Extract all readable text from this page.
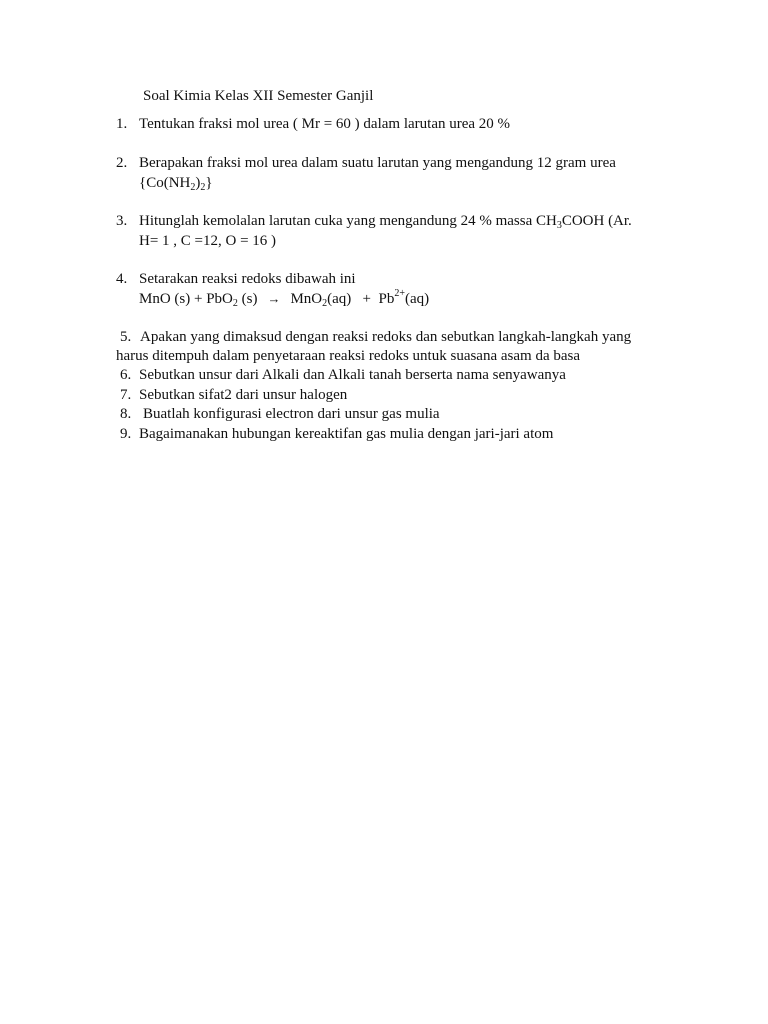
Soal Kimia Kelas XII Semester Ganjil
1. Tentukan fraksi mol urea ( Mr = 60 ) dalam larutan urea 20 %
2. Berapakan fraksi mol urea dalam suatu larutan yang mengandung 12 gram urea
$\{Co(NH_2)_2\}$
3. Hitunglah kemolalan larutan cuka yang mengandung 24 % massa $CH_3COOH$ (Ar.
H= 1 , C =12, O = 16 )
4. Setarakan reaksi redoks dibawah ini
MnO (s) + PbO$_2$ $(s) \to MnO_2(aq) + Pb^{2+}(aq)$
5. Apakan yang dimaksud dengan reaksi redoks dan sebutkan langkah-langkah yang
harus ditempuh dalam penyetaraan reaksi redoks untuk suasana asam da basa
6. Sebutkan unsur dari Alkali dan Alkali tanah berserta nama senyawanya
7. Sebutkan sifat2 dari unsur halogen
8. Buatlah konfigurasi electron dari unsur gas mulia
9. Bagaimanakan hubungan kereaktifan gas mulia dengan jari-jari atom
